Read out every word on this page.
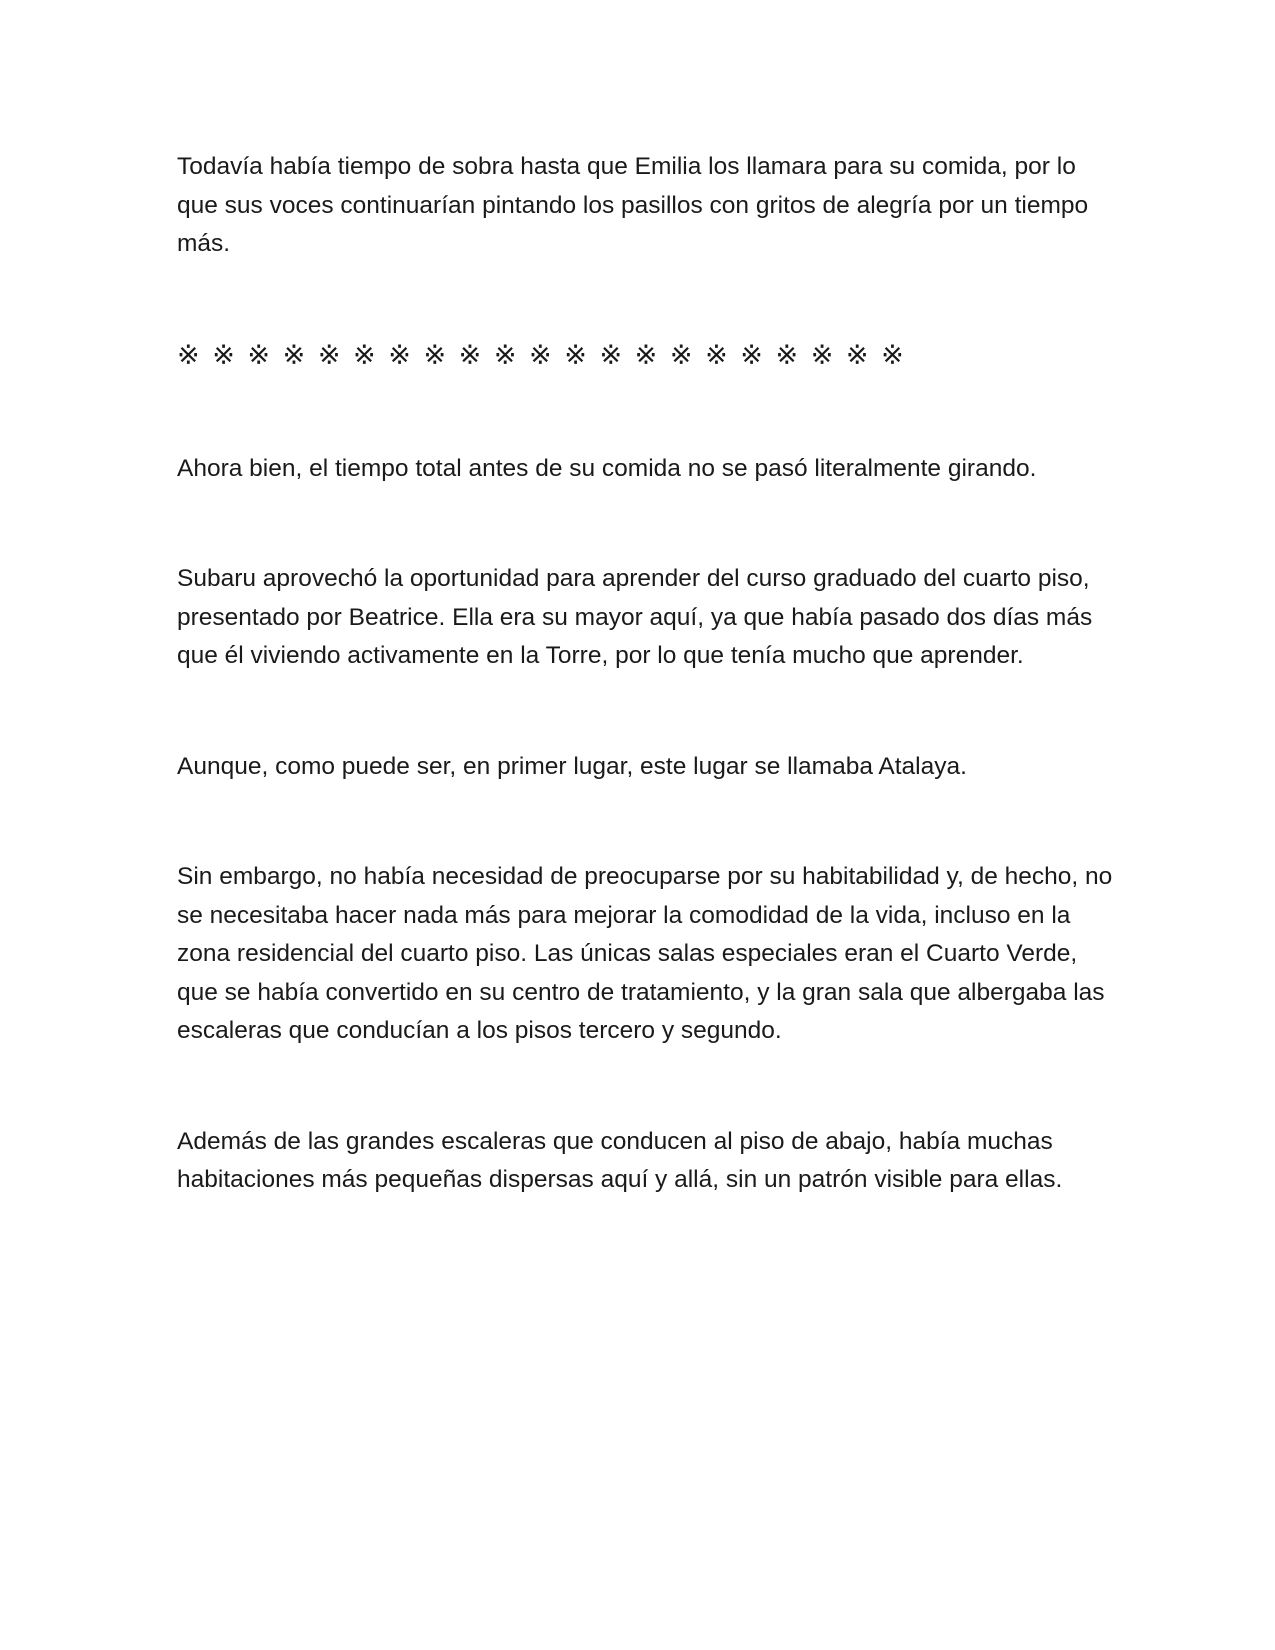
Todavía había tiempo de sobra hasta que Emilia los llamara para su comida, por lo que sus voces continuarían pintando los pasillos con gritos de alegría por un tiempo más.

※ ※ ※ ※ ※ ※ ※ ※ ※ ※ ※ ※ ※ ※ ※ ※ ※ ※ ※ ※ ※

Ahora bien, el tiempo total antes de su comida no se pasó literalmente girando.

Subaru aprovechó la oportunidad para aprender del curso graduado del cuarto piso, presentado por Beatrice. Ella era su mayor aquí, ya que había pasado dos días más que él viviendo activamente en la Torre, por lo que tenía mucho que aprender.

Aunque, como puede ser, en primer lugar, este lugar se llamaba Atalaya.

Sin embargo, no había necesidad de preocuparse por su habitabilidad y, de hecho, no se necesitaba hacer nada más para mejorar la comodidad de la vida, incluso en la zona residencial del cuarto piso. Las únicas salas especiales eran el Cuarto Verde, que se había convertido en su centro de tratamiento, y la gran sala que albergaba las escaleras que conducían a los pisos tercero y segundo.

Además de las grandes escaleras que conducen al piso de abajo, había muchas habitaciones más pequeñas dispersas aquí y allá, sin un patrón visible para ellas.
